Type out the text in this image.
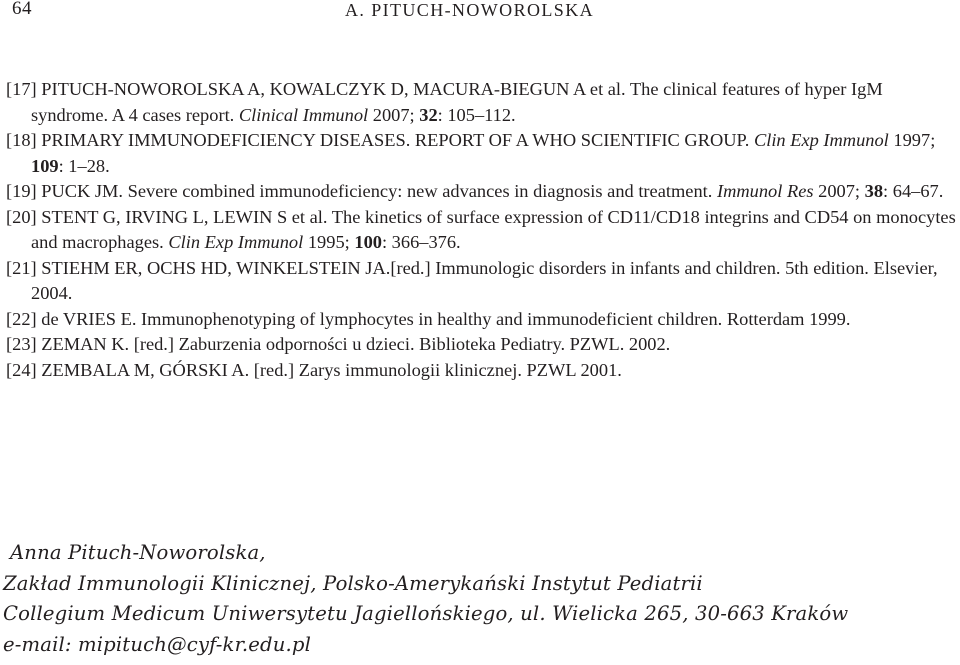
64	A. PITUCH-NOWOROLSKA
[17] PITUCH-NOWOROLSKA A, KOWALCZYK D, MACURA-BIEGUN A et al. The clinical features of hyper IgM syndrome. A 4 cases report. Clinical Immunol 2007; 32: 105–112.
[18] PRIMARY IMMUNODEFICIENCY DISEASES. REPORT OF A WHO SCIENTIFIC GROUP. Clin Exp Immunol 1997; 109: 1–28.
[19] PUCK JM. Severe combined immunodeficiency: new advances in diagnosis and treatment. Immunol Res 2007; 38: 64–67.
[20] STENT G, IRVING L, LEWIN S et al. The kinetics of surface expression of CD11/CD18 integrins and CD54 on monocytes and macrophages. Clin Exp Immunol 1995; 100: 366–376.
[21] STIEHM ER, OCHS HD, WINKELSTEIN JA.[red.] Immunologic disorders in infants and children. 5th edition. Elsevier, 2004.
[22] de VRIES E. Immunophenotyping of lymphocytes in healthy and immunodeficient children. Rotterdam 1999.
[23] ZEMAN K. [red.] Zaburzenia odporności u dzieci. Biblioteka Pediatry. PZWL. 2002.
[24] ZEMBALA M, GÓRSKI A. [red.] Zarys immunologii klinicznej. PZWL 2001.
Anna Pituch-Noworolska,
Zakład Immunologii Klinicznej, Polsko-Amerykański Instytut Pediatrii
Collegium Medicum Uniwersytetu Jagiellońskiego, ul. Wielicka 265, 30-663 Kraków
e-mail: mipituch@cyf-kr.edu.pl
